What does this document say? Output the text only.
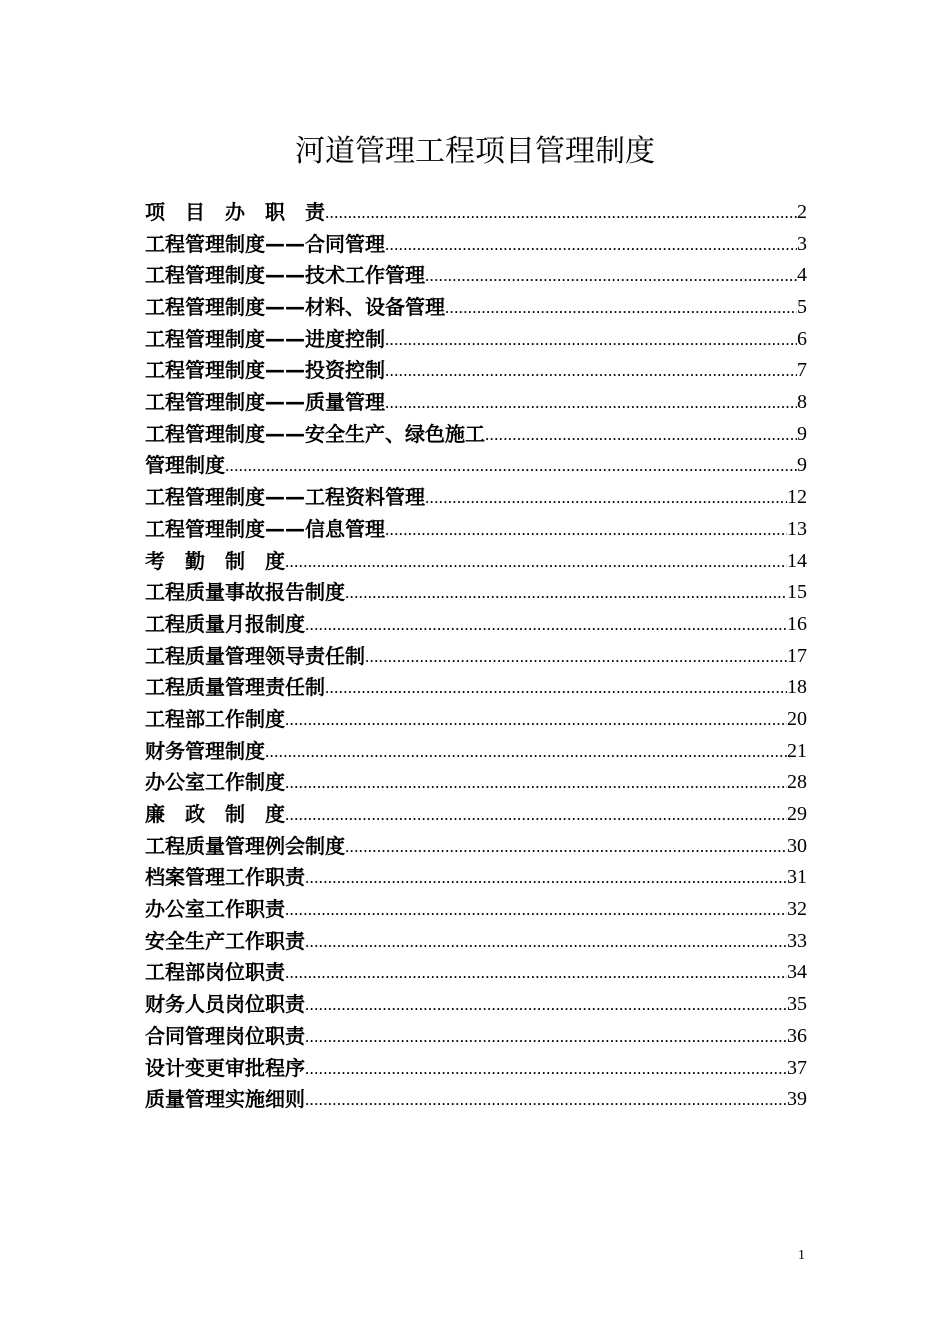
河道管理工程项目管理制度
项　目　办　职　责 .....	2
工程管理制度——合同管理 .....	3
工程管理制度——技术工作管理 .....	4
工程管理制度——材料、设备管理 .....	5
工程管理制度——进度控制 .....	6
工程管理制度——投资控制 .....	7
工程管理制度——质量管理 .....	8
工程管理制度——安全生产、绿色施工 .....	9
管理制度 .....	9
工程管理制度——工程资料管理 .....	12
工程管理制度——信息管理 .....	13
考　勤　制　度 .....	14
工程质量事故报告制度 .....	15
工程质量月报制度 .....	16
工程质量管理领导责任制 .....	17
工程质量管理责任制 .....	18
工程部工作制度 .....	20
财务管理制度 .....	21
办公室工作制度 .....	28
廉　政　制　度 .....	29
工程质量管理例会制度 .....	30
档案管理工作职责 .....	31
办公室工作职责 .....	32
安全生产工作职责 .....	33
工程部岗位职责 .....	34
财务人员岗位职责 .....	35
合同管理岗位职责 .....	36
设计变更审批程序 .....	37
质量管理实施细则 .....	39
1
